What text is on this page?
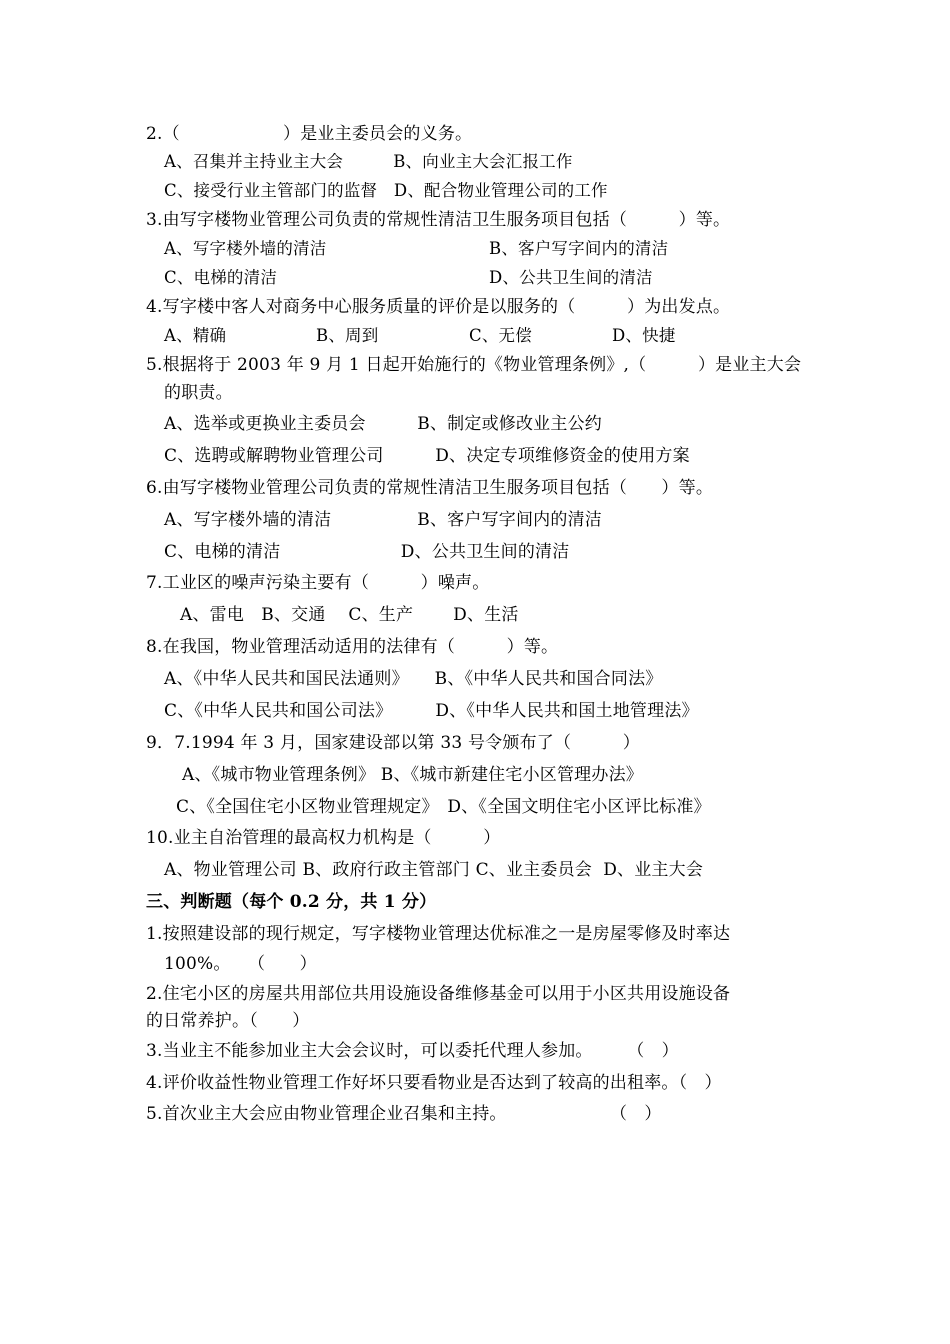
2.（　　　　　　）是业主委员会的义务。
A、召集并主持业主大会　　　B、向业主大会汇报工作
C、接受行业主管部门的监督　D、配合物业管理公司的工作
3.由写字楼物业管理公司负责的常规性清洁卫生服务项目包括（　　　）等。
A、写字楼外墙的清洁	B、客户写字间内的清洁
C、电梯的清洁	D、公共卫生间的清洁
4.写字楼中客人对商务中心服务质量的评价是以服务的（　　　）为出发点。
A、精确	B、周到	C、无偿	D、快捷
5.根据将于 2003 年 9 月 1 日起开始施行的《物业管理条例》,（　　　）是业主大会
的职责。
A、选举或更换业主委员会　　　B、制定或修改业主公约
C、选聘或解聘物业管理公司　　　D、决定专项维修资金的使用方案
6.由写字楼物业管理公司负责的常规性清洁卫生服务项目包括（　　）等。
A、写字楼外墙的清洁　　　　　B、客户写字间内的清洁
C、电梯的清洁　　　　　　　D、公共卫生间的清洁
7.工业区的噪声污染主要有（　　　）噪声。
A、雷电　B、交通　 C、生产　　 D、生活
8.在我国，物业管理活动适用的法律有（　　　）等。
A、《中华人民共和国民法通则》　　B、《中华人民共和国合同法》
C、《中华人民共和国公司法》　　　D、《中华人民共和国土地管理法》
9．7.1994 年 3 月，国家建设部以第 33 号令颁布了（　　　）
A、《城市物业管理条例》 B、《城市新建住宅小区管理办法》
C、《全国住宅小区物业管理规定》　D、《全国文明住宅小区评比标准》
10.业主自治管理的最高权力机构是（　　　）
A、物业管理公司 B、政府行政主管部门 C、业主委员会  D、业主大会
三、判断题（每个 0.2 分，共 1 分）
1.按照建设部的现行规定，写字楼物业管理达优标准之一是房屋零修及时率达
100%。　　（　　）
2.住宅小区的房屋共用部位共用设施设备维修基金可以用于小区共用设施设备
的日常养护。（　　）
3.当业主不能参加业主大会会议时，可以委托代理人参加。　　　（　）
4.评价收益性物业管理工作好坏只要看物业是否达到了较高的出租率。（　）
5.首次业主大会应由物业管理企业召集和主持。　　　　　　　（　）
